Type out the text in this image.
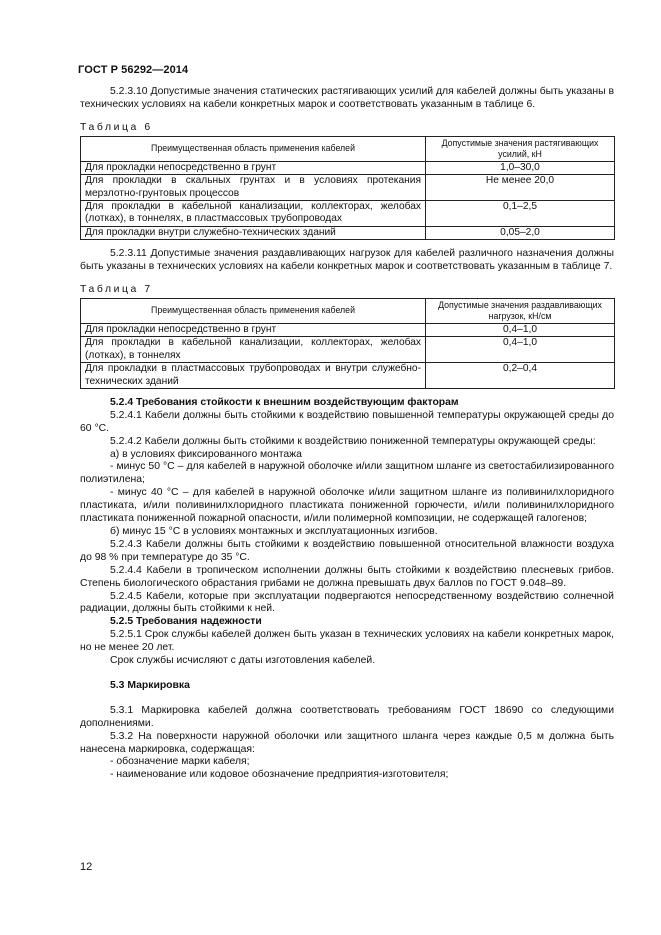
ГОСТ Р 56292—2014

5.2.3.10 Допустимые значения статических растягивающих усилий для кабелей должны быть указаны в технических условиях на кабели конкретных марок и соответствовать указанным в таблице 6.

Таблица 6
Преимущественная область применения кабелей	Допустимые значения растягивающих усилий, кН
Для прокладки непосредственно в грунт	1,0–30,0
Для прокладки в скальных грунтах и в условиях протекания мерзлотно-грунтовых процессов	Не менее 20,0
Для прокладки в кабельной канализации, коллекторах, желобах (лотках), в тоннелях, в пластмассовых трубопроводах	0,1–2,5
Для прокладки внутри служебно-технических зданий	0,05–2,0

5.2.3.11 Допустимые значения раздавливающих нагрузок для кабелей различного назначения должны быть указаны в технических условиях на кабели конкретных марок и соответствовать указанным в таблице 7.

Таблица 7
Преимущественная область применения кабелей	Допустимые значения раздавливающих нагрузок, кН/см
Для прокладки непосредственно в грунт	0,4–1,0
Для прокладки в кабельной канализации, коллекторах, желобах (лотках), в тоннелях	0,4–1,0
Для прокладки в пластмассовых трубопроводах и внутри служебно-технических зданий	0,2–0,4

5.2.4 Требования стойкости к внешним воздействующим факторам

5.2.4.1 Кабели должны быть стойкими к воздействию повышенной температуры окружающей среды до 60 °С.

5.2.4.2 Кабели должны быть стойкими к воздействию пониженной температуры окружающей среды:

а) в условиях фиксированного монтажа

- минус 50 °С – для кабелей в наружной оболочке и/или защитном шланге из светостабилизированного полиэтилена;

- минус 40 °С – для кабелей в наружной оболочке и/или защитном шланге из поливинилхлоридного пластиката, и/или поливинилхлоридного пластиката пониженной горючести, и/или поливинилхлоридного пластиката пониженной пожарной опасности, и/или полимерной композиции, не содержащей галогенов;

б) минус 15 °С в условиях монтажных и эксплуатационных изгибов.

5.2.4.3 Кабели должны быть стойкими к воздействию повышенной относительной влажности воздуха до 98 % при температуре до 35 °С.

5.2.4.4 Кабели в тропическом исполнении должны быть стойкими к воздействию плесневых грибов. Степень биологического обрастания грибами не должна превышать двух баллов по ГОСТ 9.048–89.

5.2.4.5 Кабели, которые при эксплуатации подвергаются непосредственному воздействию солнечной радиации, должны быть стойкими к ней.

5.2.5 Требования надежности

5.2.5.1 Срок службы кабелей должен быть указан в технических условиях на кабели конкретных марок, но не менее 20 лет.

Срок службы исчисляют с даты изготовления кабелей.

5.3 Маркировка

5.3.1 Маркировка кабелей должна соответствовать требованиям ГОСТ 18690 со следующими дополнениями.

5.3.2 На поверхности наружной оболочки или защитного шланга через каждые 0,5 м должна быть нанесена маркировка, содержащая:

- обозначение марки кабеля;

- наименование или кодовое обозначение предприятия-изготовителя;

12
